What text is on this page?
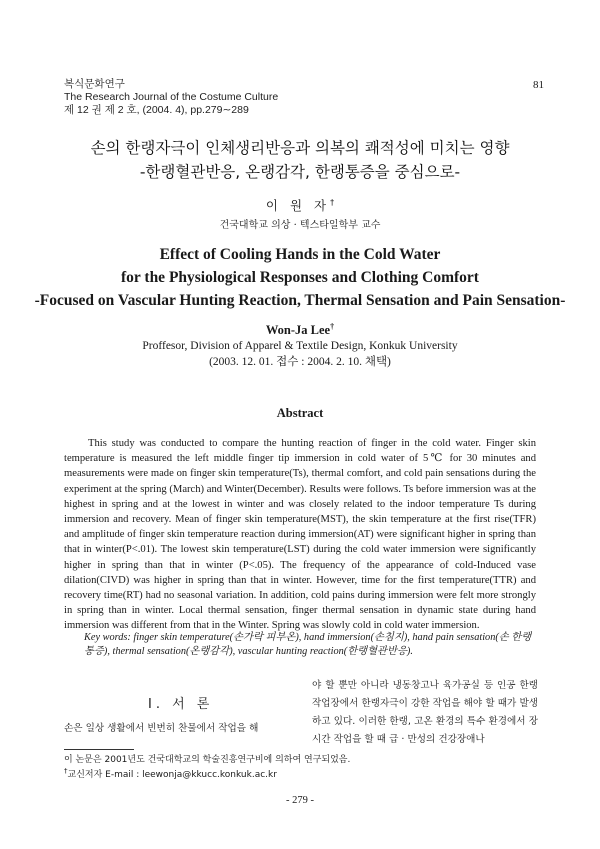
복식문화연구
The Research Journal of the Costume Culture
제 12 권 제 2 호, (2004. 4), pp.279∼289
81
손의 한랭자극이 인체생리반응과 의복의 쾌적성에 미치는 영향
-한랭혈관반응, 온랭감각, 한랭통증을 중심으로-
이 원 자†
건국대학교 의상 · 텍스타일학부 교수
Effect of Cooling Hands in the Cold Water
for the Physiological Responses and Clothing Comfort
-Focused on Vascular Hunting Reaction, Thermal Sensation and Pain Sensation-
Won-Ja Lee†
Proffesor, Division of Apparel & Textile Design, Konkuk University
(2003. 12. 01. 접수 : 2004. 2. 10. 채택)
Abstract
This study was conducted to compare the hunting reaction of finger in the cold water. Finger skin temperature is measured the left middle finger tip immersion in cold water of 5℃ for 30 minutes and measurements were made on finger skin temperature(Ts), thermal comfort, and cold pain sensations during the experiment at the spring (March) and Winter(December). Results were follows. Ts before immersion was at the highest in spring and at the lowest in winter and was closely related to the indoor temperature Ts during immersion and recovery. Mean of finger skin temperature(MST), the skin temperature at the first rise(TFR) and amplitude of finger skin temperature reaction during immersion(AT) were significant higher in spring than that in winter(P<.01). The lowest skin temperature(LST) during the cold water immersion were significantly higher in spring than that in winter (P<.05). The frequency of the appearance of cold-Induced vase dilation(CIVD) was higher in spring than that in winter. However, time for the first temperature(TTR) and recovery time(RT) had no seasonal variation. In addition, cold pains during immersion were felt more strongly in spring than in winter. Local thermal sensation, finger thermal sensation in dynamic state during hand immersion was different from that in the Winter. Spring was slowly cold in cold water immersion.
Key words: finger skin temperature(손가락 피부온), hand immersion(손침지), hand pain sensation(손 한랭통증), thermal sensation(온랭감각), vascular hunting reaction(한랭혈관반응).
Ⅰ. 서 론
손은 일상 생활에서 빈번히 찬물에서 작업을 해
야 할 뿐만 아니라 냉동창고나 육가공실 등 인공 한랭 작업장에서 한랭자극이 강한 작업을 해야 할 때가 발생하고 있다. 이러한 한랭, 고온 환경의 특수 환경에서 장시간 작업을 할 때 급 · 만성의 건강장애나
이 논문은 2001년도 건국대학교의 학술진흥연구비에 의하여 연구되었음.
†교신저자 E-mail : leewonja@kkucc.konkuk.ac.kr
- 279 -
